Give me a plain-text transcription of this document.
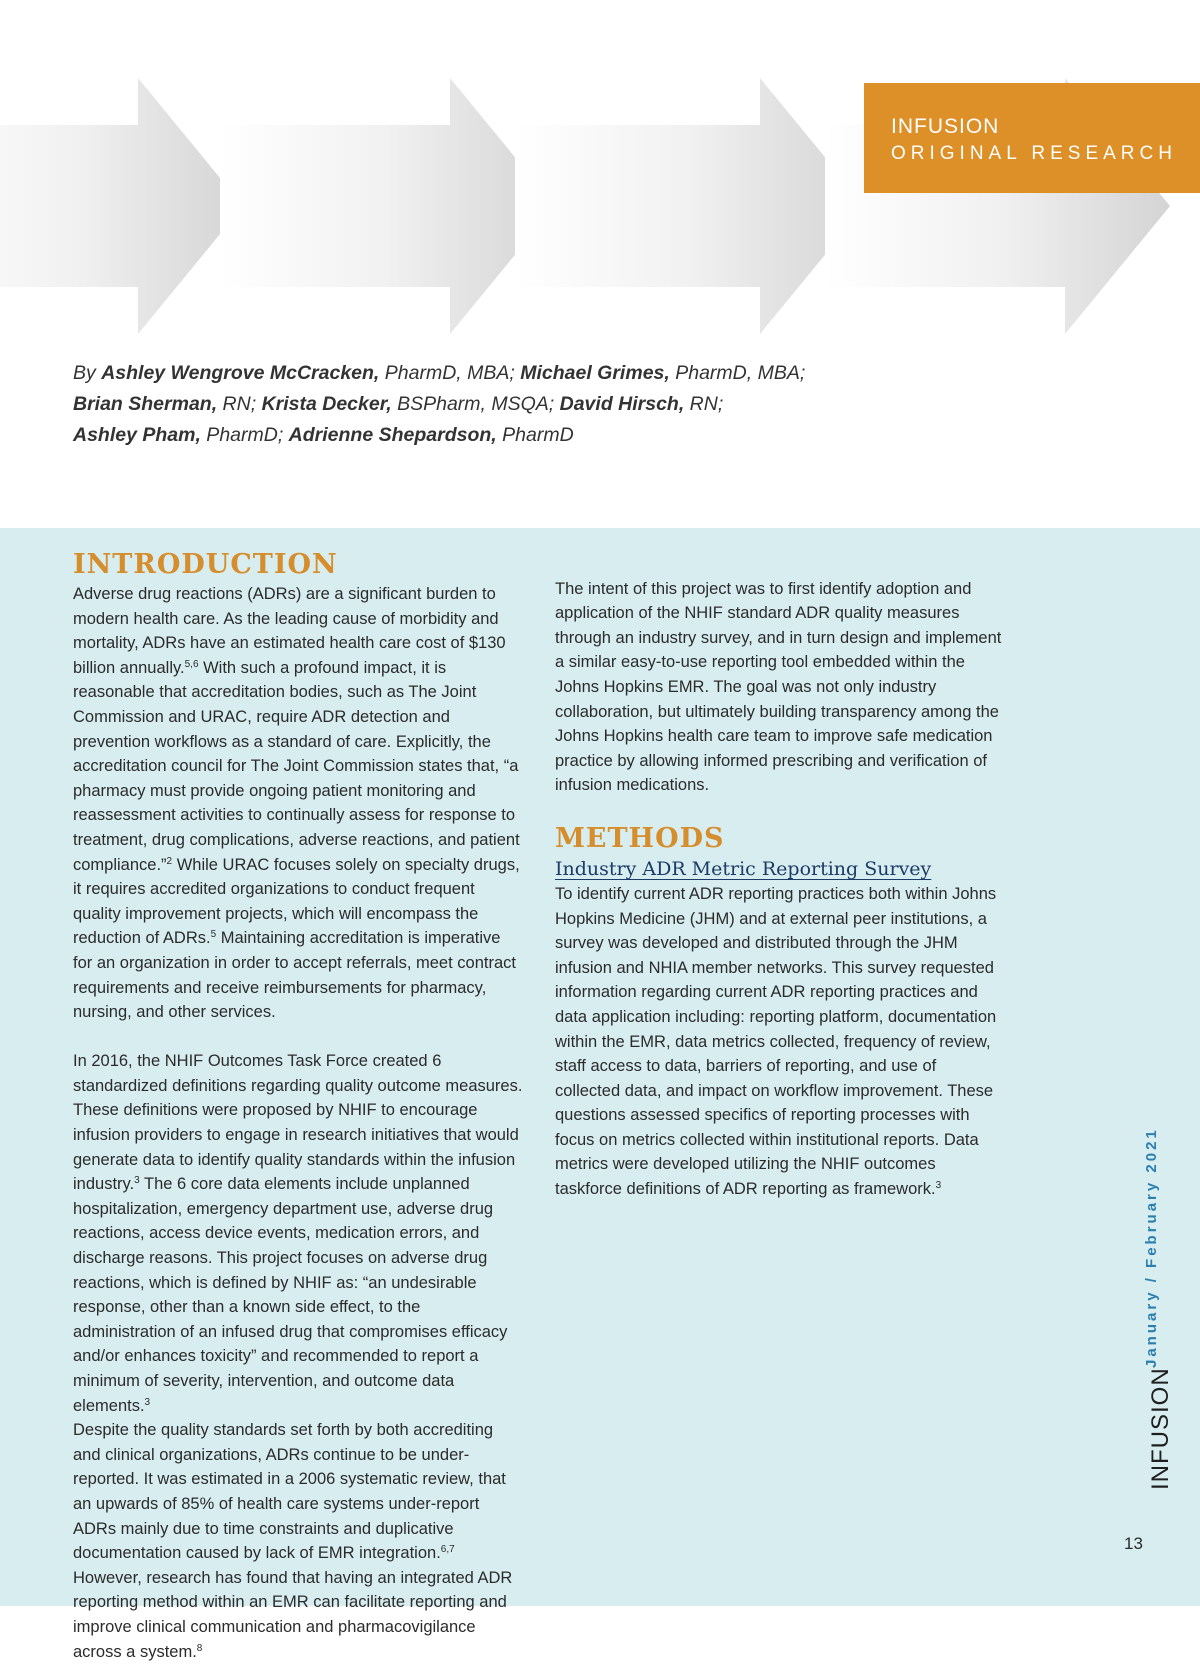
INFUSION
ORIGINAL RESEARCH
By Ashley Wengrove McCracken, PharmD, MBA; Michael Grimes, PharmD, MBA;
Brian Sherman, RN; Krista Decker, BSPharm, MSQA; David Hirsch, RN;
Ashley Pham, PharmD; Adrienne Shepardson, PharmD
INTRODUCTION

Adverse drug reactions (ADRs) are a significant burden to modern health care. As the leading cause of morbidity and mortality, ADRs have an estimated health care cost of $130 billion annually.$^{5,6}$ With such a profound impact, it is reasonable that accreditation bodies, such as The Joint Commission and URAC, require ADR detection and prevention workflows as a standard of care. Explicitly, the accreditation council for The Joint Commission states that, “a pharmacy must provide ongoing patient monitoring and reassessment activities to continually assess for response to treatment, drug complications, adverse reactions, and patient compliance.”$^2$ While URAC focuses solely on specialty drugs, it requires accredited organizations to conduct frequent quality improvement projects, which will encompass the reduction of ADRs.$^5$ Maintaining accreditation is imperative for an organization in order to accept referrals, meet contract requirements and receive reimbursements for pharmacy, nursing, and other services.

In 2016, the NHIF Outcomes Task Force created 6 standardized definitions regarding quality outcome measures. These definitions were proposed by NHIF to encourage infusion providers to engage in research initiatives that would generate data to identify quality standards within the infusion industry.$^3$ The 6 core data elements include unplanned hospitalization, emergency department use, adverse drug reactions, access device events, medication errors, and discharge reasons. This project focuses on adverse drug reactions, which is defined by NHIF as: “an undesirable response, other than a known side effect, to the administration of an infused drug that compromises efficacy and/or enhances toxicity” and recommended to report a minimum of severity, intervention, and outcome data elements.$^3$

Despite the quality standards set forth by both accrediting and clinical organizations, ADRs continue to be under-reported. It was estimated in a 2006 systematic review, that an upwards of 85% of health care systems under-report ADRs mainly due to time constraints and duplicative documentation caused by lack of EMR integration.$^{6,7}$ However, research has found that having an integrated ADR reporting method within an EMR can facilitate reporting and improve clinical communication and pharmacovigilance across a system.$^8$

The intent of this project was to first identify adoption and application of the NHIF standard ADR quality measures through an industry survey, and in turn design and implement a similar easy-to-use reporting tool embedded within the Johns Hopkins EMR. The goal was not only industry collaboration, but ultimately building transparency among the Johns Hopkins health care team to improve safe medication practice by allowing informed prescribing and verification of infusion medications.

METHODS
Industry ADR Metric Reporting Survey

To identify current ADR reporting practices both within Johns Hopkins Medicine (JHM) and at external peer institutions, a survey was developed and distributed through the JHM infusion and NHIA member networks. This survey requested information regarding current ADR reporting practices and data application including: reporting platform, documentation within the EMR, data metrics collected, frequency of review, staff access to data, barriers of reporting, and use of collected data, and impact on workflow improvement. These questions assessed specifics of reporting processes with focus on metrics collected within institutional reports. Data metrics were developed utilizing the NHIF outcomes taskforce definitions of ADR reporting as framework.$^3$	January / February 2021
INFUSION
13
